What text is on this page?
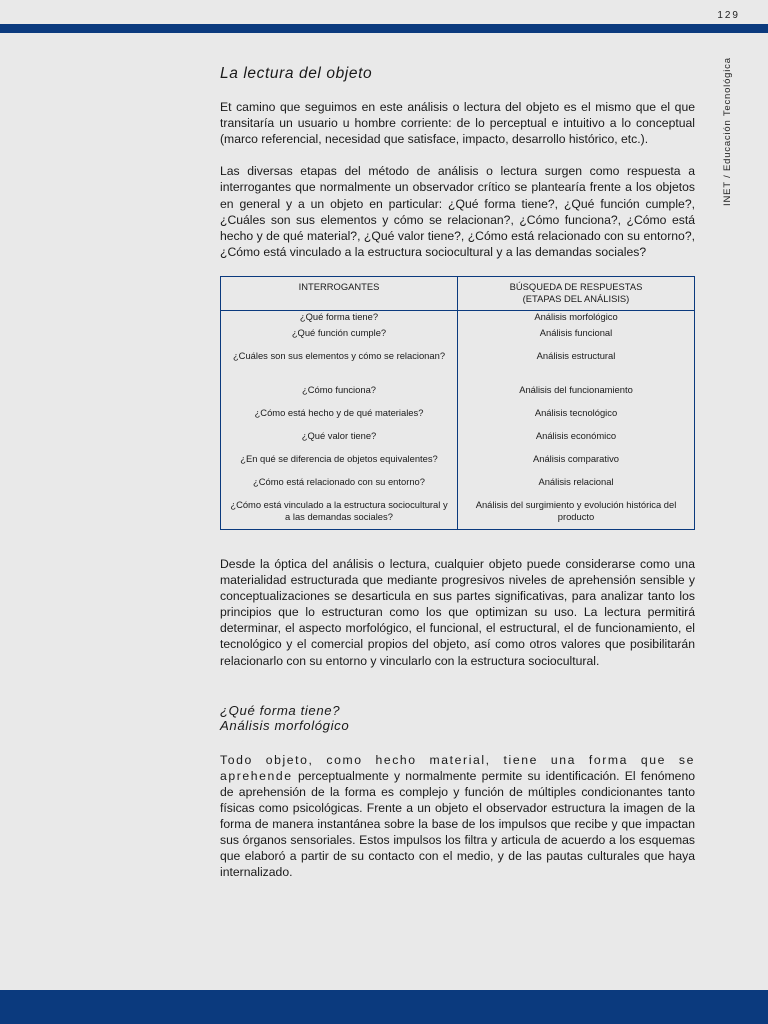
129
INET / Educación Tecnológica
La lectura del objeto

Et camino que seguimos en este análisis o lectura del objeto es el mismo que el que transitaría un usuario u hombre corriente: de lo perceptual e intuitivo a lo conceptual (marco referencial, necesidad que satisface, impacto, desarrollo histórico, etc.).

Las diversas etapas del método de análisis o lectura surgen como respuesta a interrogantes que normalmente un observador crítico se plantearía frente a los objetos en general y a un objeto en particular: ¿Qué forma tiene?, ¿Qué función cumple?, ¿Cuáles son sus elementos y cómo se relacionan?, ¿Cómo funciona?, ¿Cómo está hecho y de qué material?, ¿Qué valor tiene?, ¿Cómo está relacionado con su entorno?, ¿Cómo está vinculado a la estructura sociocultural y a las demandas sociales?

INTERROGANTES	BÚSQUEDA DE RESPUESTAS
(ETAPAS DEL ANÁLISIS)

¿Qué forma tiene?	Análisis morfológico
¿Qué función cumple?	Análisis funcional
¿Cuáles son sus elementos y cómo se relacionan?	Análisis estructural
¿Cómo funciona?	Análisis del funcionamiento
¿Cómo está hecho y de qué materiales?	Análisis tecnológico
¿Qué valor tiene?	Análisis económico
¿En qué se diferencia de objetos equivalentes?	Análisis comparativo
¿Cómo está relacionado con su entorno?	Análisis relacional
¿Cómo está vinculado a la estructura sociocultural y a las demandas sociales?	Análisis del surgimiento y evolución histórica del producto

Desde la óptica del análisis o lectura, cualquier objeto puede considerarse como una materialidad estructurada que mediante progresivos niveles de aprehensión sensible y conceptualizaciones se desarticula en sus partes significativas, para analizar tanto los principios que lo estructuran como los que optimizan su uso. La lectura permitirá determinar, el aspecto morfológico, el funcional, el estructural, el de funcionamiento, el tecnológico y el comercial propios del objeto, así como otros valores que posibilitarán relacionarlo con su entorno y vincularlo con la estructura sociocultural.

¿Qué forma tiene?
Análisis morfológico

Todo objeto, como hecho material, tiene una forma que se aprehende perceptualmente y normalmente permite su identificación. El fenómeno de aprehensión de la forma es complejo y función de múltiples condicionantes tanto físicas como psicológicas. Frente a un objeto el observador estructura la imagen de la forma de manera instantánea sobre la base de los impulsos que recibe y que impactan sus órganos sensoriales. Estos impulsos los filtra y articula de acuerdo a los esquemas que elaboró a partir de su contacto con el medio, y de las pautas culturales que haya internalizado.
